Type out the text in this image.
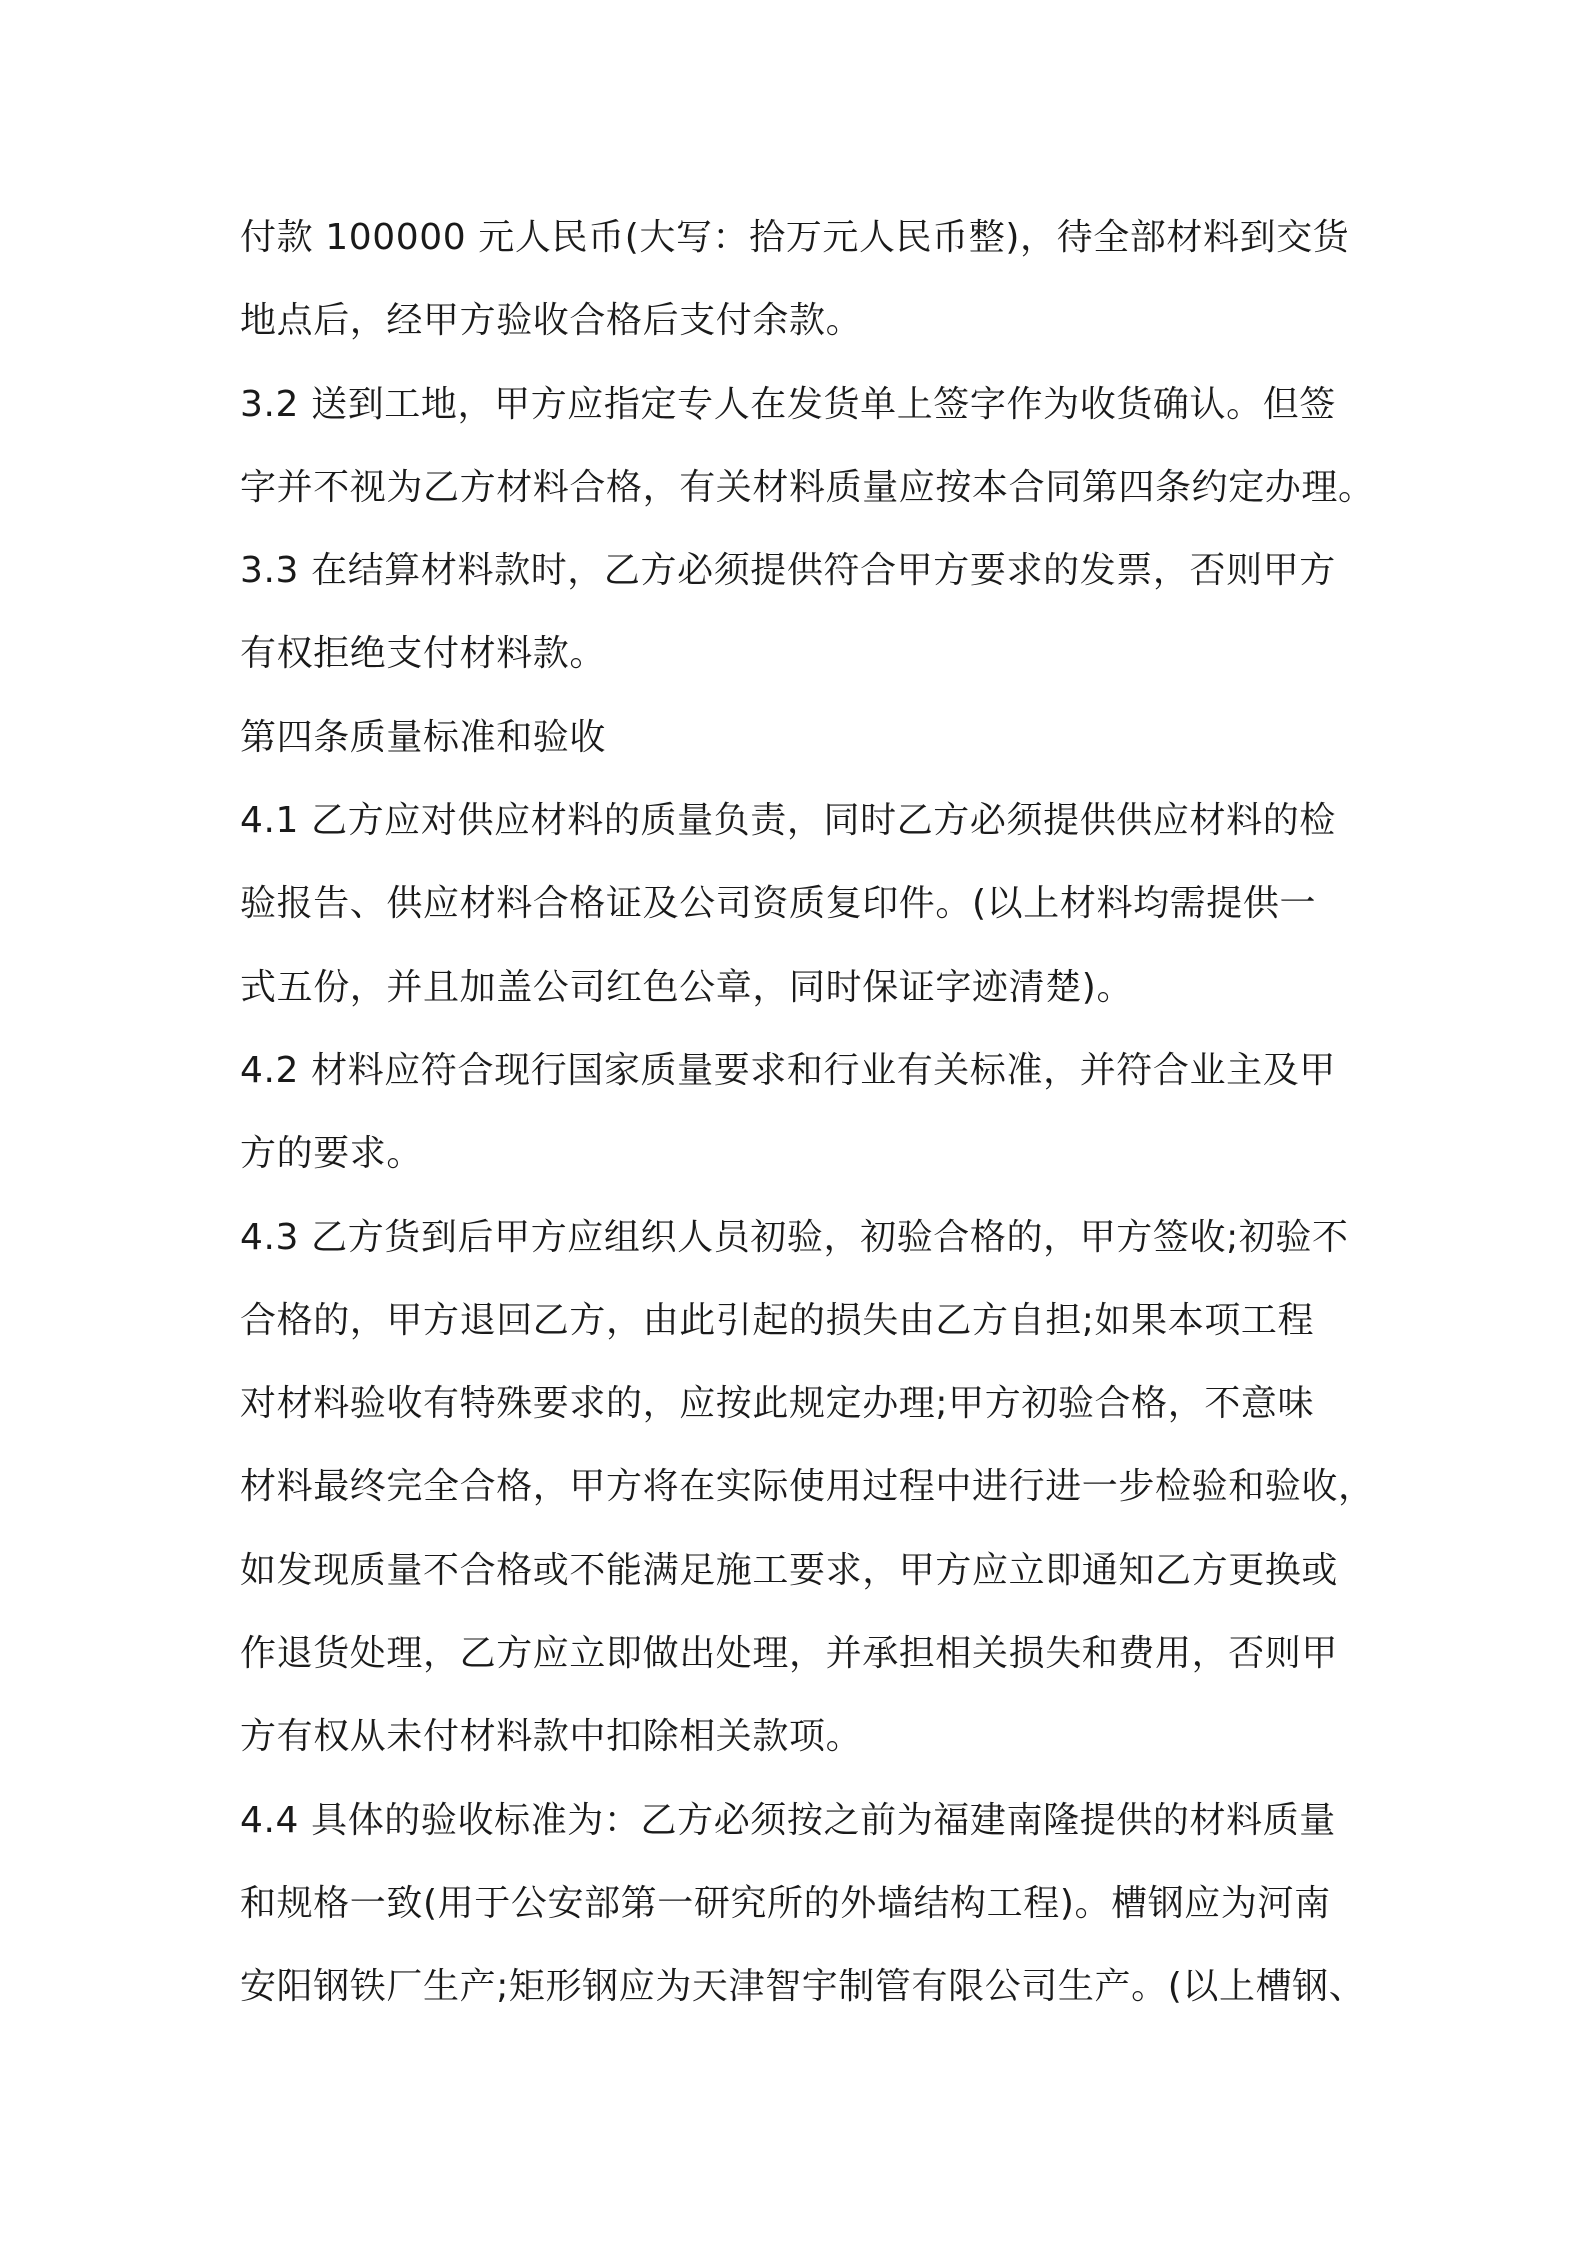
付款 100000 元人民币(大写：拾万元人民币整)，待全部材料到交货
地点后，经甲方验收合格后支付余款。
3.2 送到工地，甲方应指定专人在发货单上签字作为收货确认。但签
字并不视为乙方材料合格，有关材料质量应按本合同第四条约定办理。
3.3 在结算材料款时，乙方必须提供符合甲方要求的发票，否则甲方
有权拒绝支付材料款。
第四条质量标准和验收
4.1 乙方应对供应材料的质量负责，同时乙方必须提供供应材料的检
验报告、供应材料合格证及公司资质复印件。(以上材料均需提供一
式五份，并且加盖公司红色公章，同时保证字迹清楚)。
4.2 材料应符合现行国家质量要求和行业有关标准，并符合业主及甲
方的要求。
4.3 乙方货到后甲方应组织人员初验，初验合格的，甲方签收;初验不
合格的，甲方退回乙方，由此引起的损失由乙方自担;如果本项工程
对材料验收有特殊要求的，应按此规定办理;甲方初验合格，不意味
材料最终完全合格，甲方将在实际使用过程中进行进一步检验和验收，
如发现质量不合格或不能满足施工要求，甲方应立即通知乙方更换或
作退货处理，乙方应立即做出处理，并承担相关损失和费用，否则甲
方有权从未付材料款中扣除相关款项。
4.4 具体的验收标准为：乙方必须按之前为福建南隆提供的材料质量
和规格一致(用于公安部第一研究所的外墙结构工程)。槽钢应为河南
安阳钢铁厂生产;矩形钢应为天津智宇制管有限公司生产。(以上槽钢、
